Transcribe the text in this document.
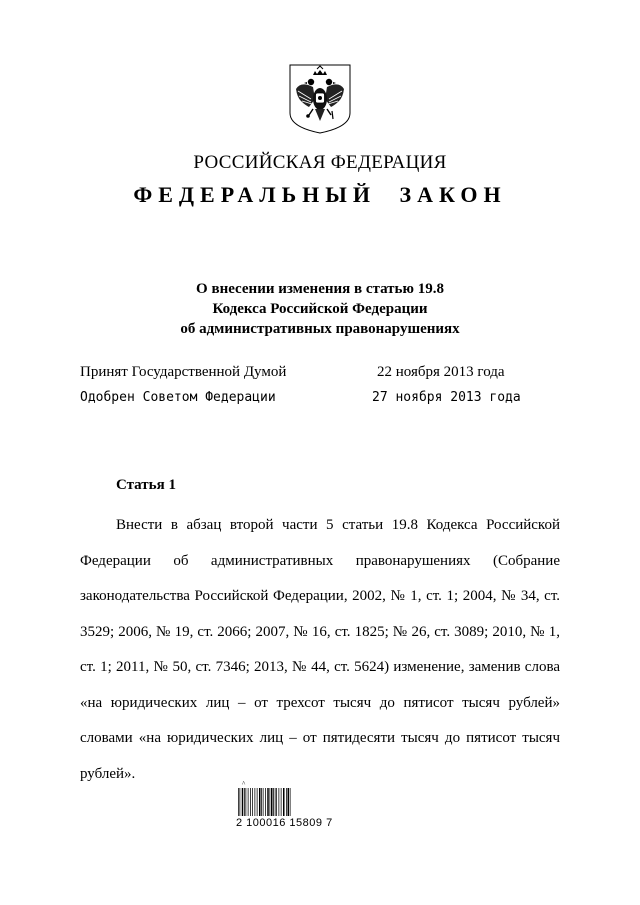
РОССИЙСКАЯ ФЕДЕРАЦИЯ
ФЕДЕРАЛЬНЫЙ ЗАКОН
О внесении изменения в статью 19.8
Кодекса Российской Федерации
об административных правонарушениях
Принят Государственной Думой	22 ноября 2013 года
Одобрен Советом Федерации	27 ноября 2013 года
Статья 1

Внести в абзац второй части 5 статьи 19.8 Кодекса Российской Федерации об административных правонарушениях (Собрание законодательства Российской Федерации, 2002, № 1, ст. 1; 2004, № 34, ст. 3529; 2006, № 19, ст. 2066; 2007, № 16, ст. 1825; № 26, ст. 3089; 2010, № 1, ст. 1; 2011, № 50, ст. 7346; 2013, № 44, ст. 5624) изменение, заменив слова «на юридических лиц – от трехсот тысяч до пятисот тысяч рублей» словами «на юридических лиц – от пятидесяти тысяч до пятисот тысяч рублей».

^
2 100016 15809 7
